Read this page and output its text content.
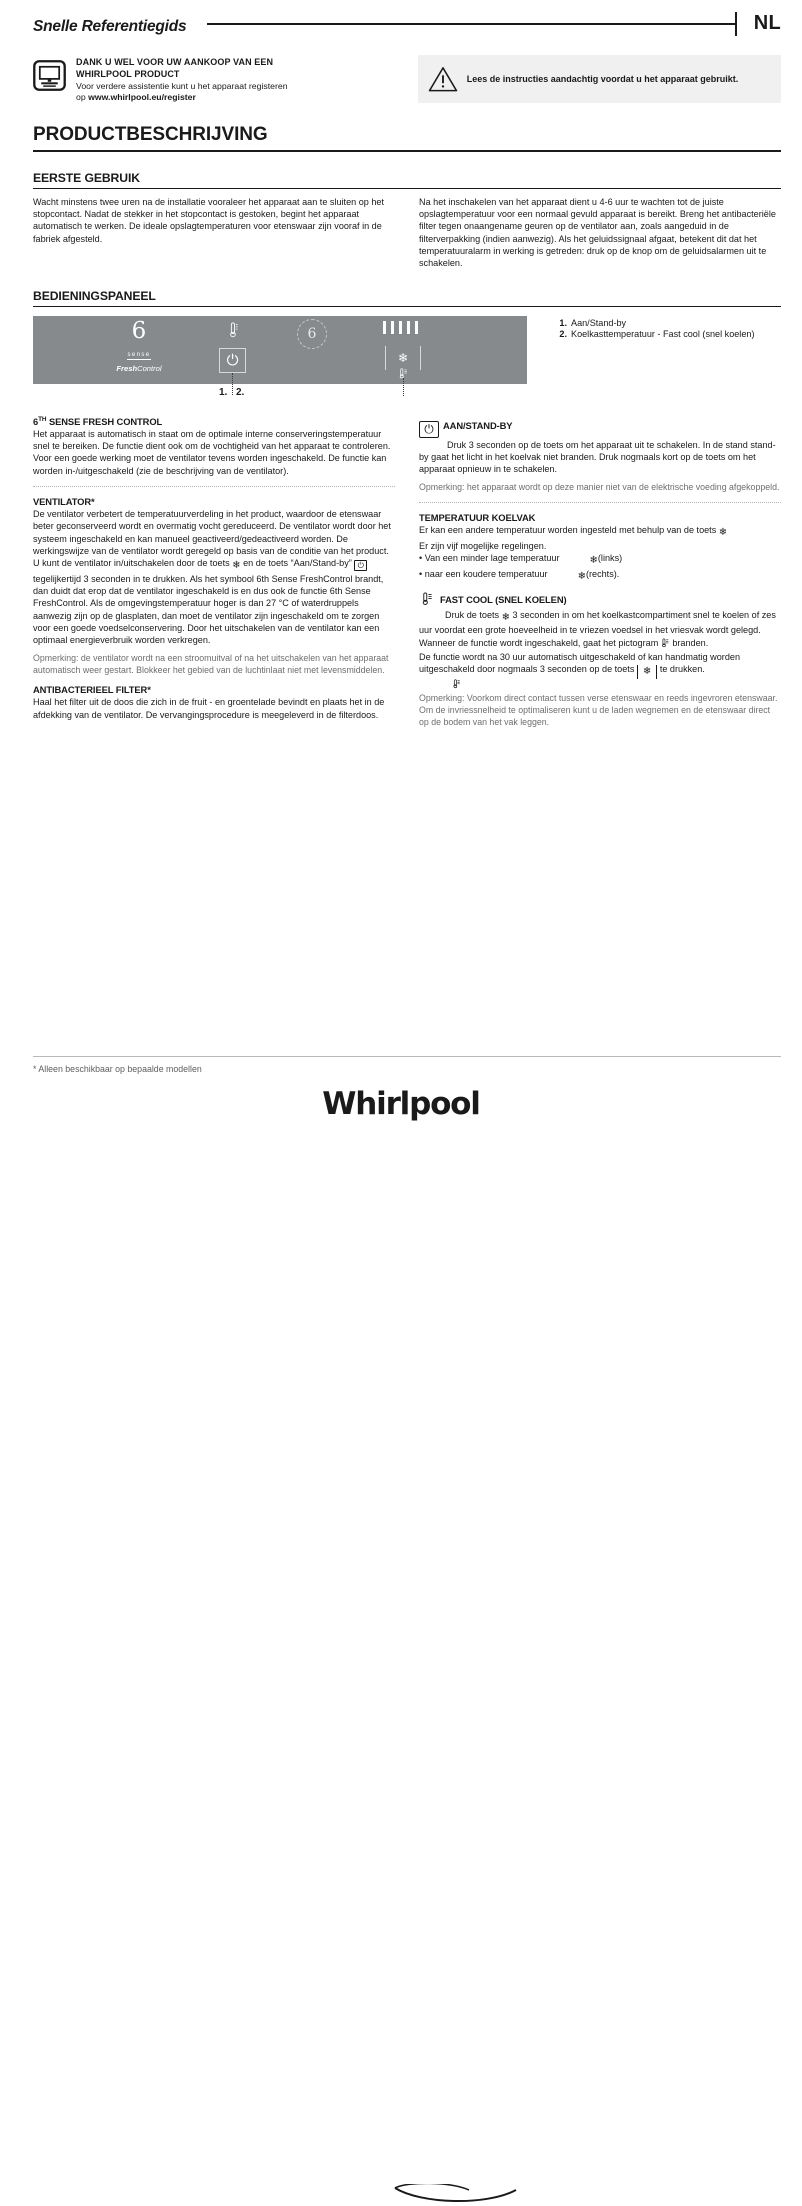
Snelle Referentiegids	NL
DANK U WEL VOOR UW AANKOOP VAN EEN
WHIRLPOOL PRODUCT
Voor verdere assistentie kunt u het apparaat registeren
op www.whirlpool.eu/register
Lees de instructies aandachtig voordat u het apparaat gebruikt.
PRODUCTBESCHRIJVING
EERSTE GEBRUIK

Wacht minstens twee uren na de installatie vooraleer het apparaat aan te sluiten op het stopcontact. Nadat de stekker in het stopcontact is gestoken, begint het apparaat automatisch te werken. De ideale opslagtemperaturen voor etenswaar zijn vooraf in de fabriek afgesteld.

Na het inschakelen van het apparaat dient u 4-6 uur te wachten tot de juiste opslagtemperatuur voor een normaal gevuld apparaat is bereikt. Breng het antibacteriële filter tegen onaangename geuren op de ventilator aan, zoals aangeduid in de filterverpakking (indien aanwezig). Als het geluidssignaal afgaat, betekent dit dat het temperatuuralarm in werking is getreden: druk op de knop om de geluidsalarmen uit te schakelen.

BEDIENINGSPANEEL
6
sense
FreshControl	⏻
6
❄
1. 2.
1. Aan/Stand-by
2. Koelkasttemperatuur - Fast cool (snel koelen)
6TH SENSE FRESH CONTROL

Het apparaat is automatisch in staat om de optimale interne conserveringstemperatuur snel te bereiken. De functie dient ook om de vochtigheid van het apparaat te controleren. Voor een goede werking moet de ventilator tevens worden ingeschakeld. De functie kan worden in-/uitgeschakeld (zie de beschrijving van de ventilator).

VENTILATOR*

De ventilator verbetert de temperatuurverdeling in het product, waardoor de etenswaar beter geconserveerd wordt en overmatig vocht gereduceerd. De ventilator wordt door het systeem ingeschakeld en kan manueel geactiveerd/gedeactiveerd worden. De werkingswijze van de ventilator wordt geregeld op basis van de conditie van het product. U kunt de ventilator in/uitschakelen door de toets ❄ en de toets “Aan/Stand-by” ⏻ tegelijkertijd 3 seconden in te drukken. Als het symbool 6th Sense FreshControl brandt, dan duidt dat erop dat de ventilator ingeschakeld is en dus ook de functie 6th Sense FreshControl. Als de omgevingstemperatuur hoger is dan 27 °C of waterdruppels aanwezig zijn op de glasplaten, dan moet de ventilator zijn ingeschakeld om te zorgen voor een goede voedselconservering. Door het uitschakelen van de ventilator kan een optimaal energieverbruik worden verkregen.

Opmerking: de ventilator wordt na een stroomuitval of na het uitschakelen van het apparaat automatisch weer gestart. Blokkeer het gebied van de luchtinlaat niet met levensmiddelen.

ANTIBACTERIEEL FILTER*

Haal het filter uit de doos die zich in de fruit - en groentelade bevindt en plaats het in de afdekking van de ventilator. De vervangingsprocedure is meegeleverd in de filterdoos.

⏻ AAN/STAND-BY

Druk 3 seconden op de toets om het apparaat uit te schakelen. In de stand stand-by gaat het licht in het koelvak niet branden. Druk nogmaals kort op de toets om het apparaat opnieuw in te schakelen.

Opmerking: het apparaat wordt op deze manier niet van de elektrische voeding afgekoppeld.

TEMPERATUUR KOELVAK

Er kan een andere temperatuur worden ingesteld met behulp van de toets ❄

Er zijn vijf mogelijke regelingen.

• Van een minder lage temperatuur	❄(links)
• naar een koudere temperatuur	❄(rechts).
FAST COOL (SNEL KOELEN)

Druk de toets ❄ 3 seconden in om het koelkastcompartiment snel te koelen of zes uur voordat een grote hoeveelheid in te vriezen voedsel in het vriesvak wordt gelegd. Wanneer de functie wordt ingeschakeld, gaat het pictogram  branden.

De functie wordt na 30 uur automatisch uitgeschakeld of kan handmatig worden uitgeschakeld door nogmaals 3 seconden op de toets ❄ te drukken.

Opmerking: Voorkom direct contact tussen verse etenswaar en reeds ingevroren etenswaar. Om de invriessnelheid te optimaliseren kunt u de laden wegnemen en de etenswaar direct op de bodem van het vak leggen.

* Alleen beschikbaar op bepaalde modellen
Whirlpool
